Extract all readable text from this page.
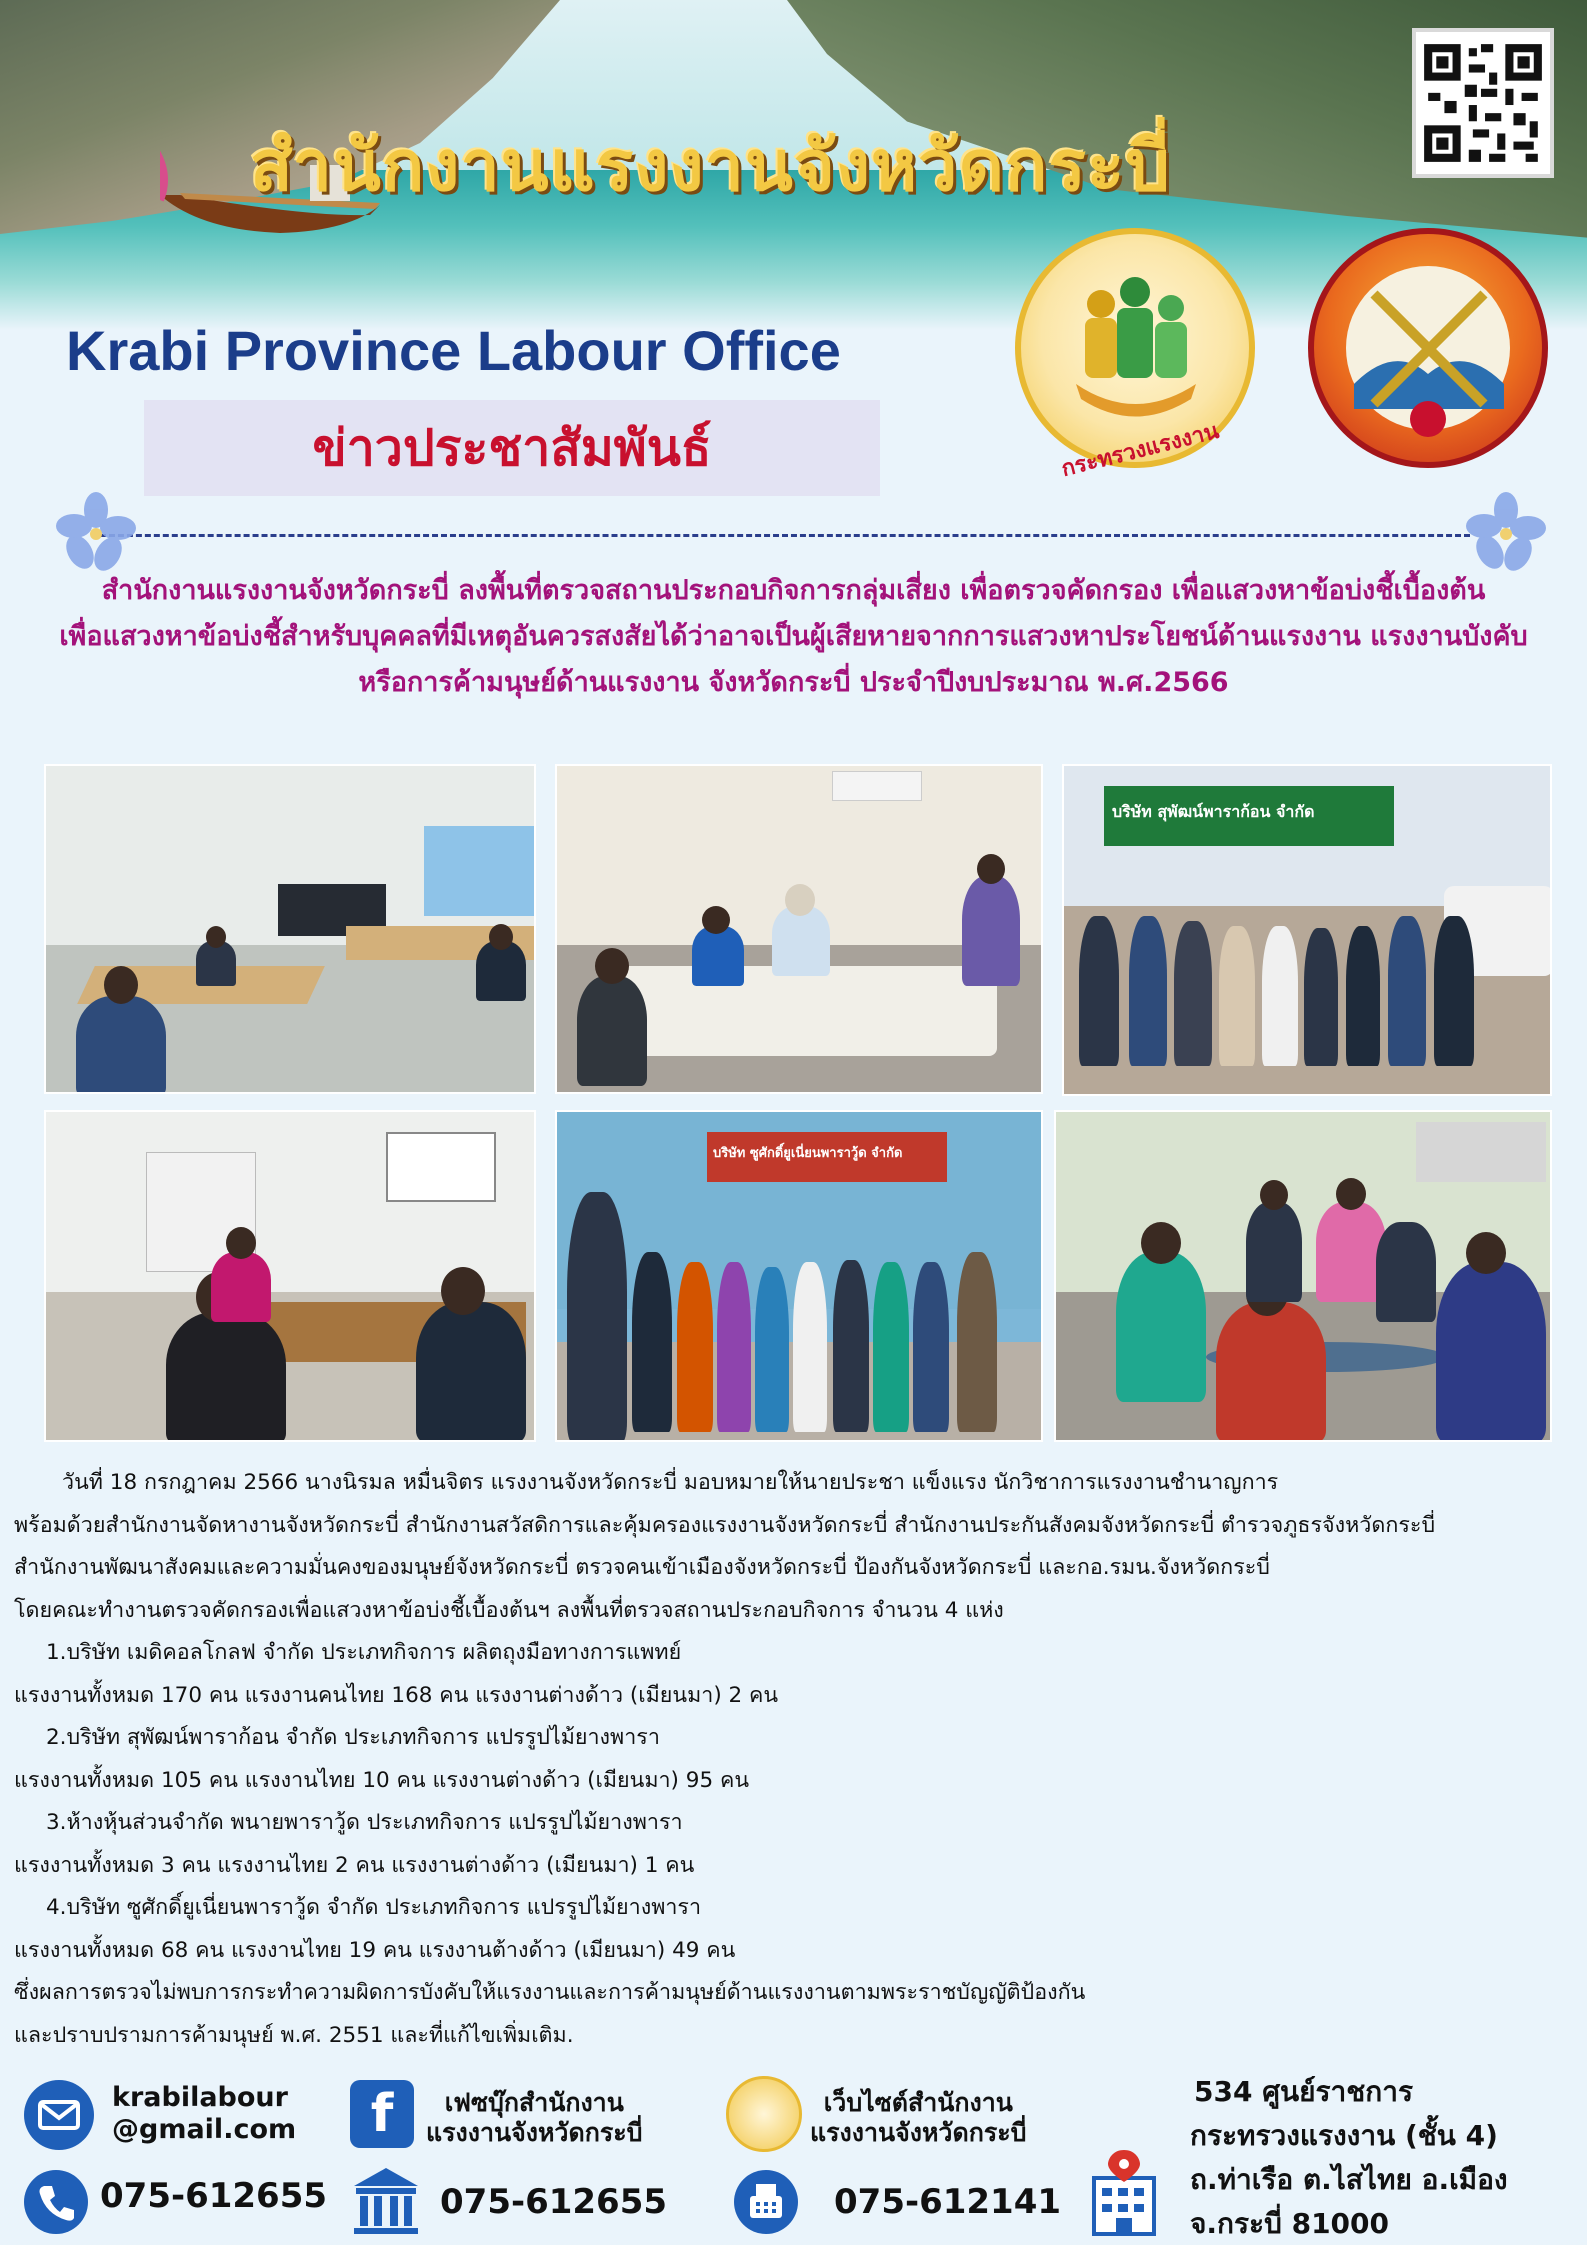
สำนักงานแรงงานจังหวัดกระบี่
Krabi Province Labour Office
ข่าวประชาสัมพันธ์	กระทรวงแรงงาน
สำนักงานแรงงานจังหวัดกระบี่ ลงพื้นที่ตรวจสถานประกอบกิจการกลุ่มเสี่ยง เพื่อตรวจคัดกรอง เพื่อแสวงหาข้อบ่งชี้เบื้องต้น
เพื่อแสวงหาข้อบ่งชี้สำหรับบุคคลที่มีเหตุอันควรสงสัยได้ว่าอาจเป็นผู้เสียหายจากการแสวงหาประโยชน์ด้านแรงงาน แรงงานบังคับ
หรือการค้ามนุษย์ด้านแรงงาน จังหวัดกระบี่ ประจำปีงบประมาณ พ.ศ.2566
บริษัท สุพัฒน์พาราก้อน จำกัด
บริษัท ซูศักดิ์ยูเนี่ยนพาราวู้ด จำกัด
วันที่ 18 กรกฎาคม 2566 นางนิรมล หมื่นจิตร แรงงานจังหวัดกระบี่ มอบหมายให้นายประชา แข็งแรง นักวิชาการแรงงานชำนาญการ
พร้อมด้วยสำนักงานจัดหางานจังหวัดกระบี่ สำนักงานสวัสดิการและคุ้มครองแรงงานจังหวัดกระบี่ สำนักงานประกันสังคมจังหวัดกระบี่ ตำรวจภูธรจังหวัดกระบี่
สำนักงานพัฒนาสังคมและความมั่นคงของมนุษย์จังหวัดกระบี่ ตรวจคนเข้าเมืองจังหวัดกระบี่ ป้องกันจังหวัดกระบี่ และกอ.รมน.จังหวัดกระบี่
โดยคณะทำงานตรวจคัดกรองเพื่อแสวงหาข้อบ่งชี้เบื้องต้นฯ ลงพื้นที่ตรวจสถานประกอบกิจการ จำนวน 4 แห่ง
1.บริษัท เมดิคอลโกลฟ จำกัด ประเภทกิจการ ผลิตถุงมือทางการแพทย์
แรงงานทั้งหมด 170 คน แรงงานคนไทย 168 คน แรงงานต่างด้าว (เมียนมา) 2 คน
2.บริษัท สุพัฒน์พาราก้อน จำกัด ประเภทกิจการ แปรรูปไม้ยางพารา
แรงงานทั้งหมด 105 คน แรงงานไทย 10 คน แรงงานต่างด้าว (เมียนมา) 95 คน
3.ห้างหุ้นส่วนจำกัด พนายพาราวู้ด ประเภทกิจการ แปรรูปไม้ยางพารา
แรงงานทั้งหมด 3 คน แรงงานไทย 2 คน แรงงานต่างด้าว (เมียนมา) 1 คน
4.บริษัท ซูศักดิ์ยูเนี่ยนพาราวู้ด จำกัด ประเภทกิจการ แปรรูปไม้ยางพารา
แรงงานทั้งหมด 68 คน แรงงานไทย 19 คน แรงงานต้างด้าว (เมียนมา) 49 คน
ซึ่งผลการตรวจไม่พบการกระทำความผิดการบังคับให้แรงงานและการค้ามนุษย์ด้านแรงงานตามพระราชบัญญัติป้องกัน
และปราบปรามการค้ามนุษย์ พ.ศ. 2551 และที่แก้ไขเพิ่มเติม.
krabilabour
@gmail.com	f	เฟซบุ๊กสำนักงาน
แรงงานจังหวัดกระบี่
เว็บไซต์สำนักงาน
แรงงานจังหวัดกระบี่
534 ศูนย์ราชการ
กระทรวงแรงงาน (ชั้น 4)
ถ.ท่าเรือ ต.ไสไทย อ.เมือง
จ.กระบี่ 81000
075-612655	075-612655	075-612141
